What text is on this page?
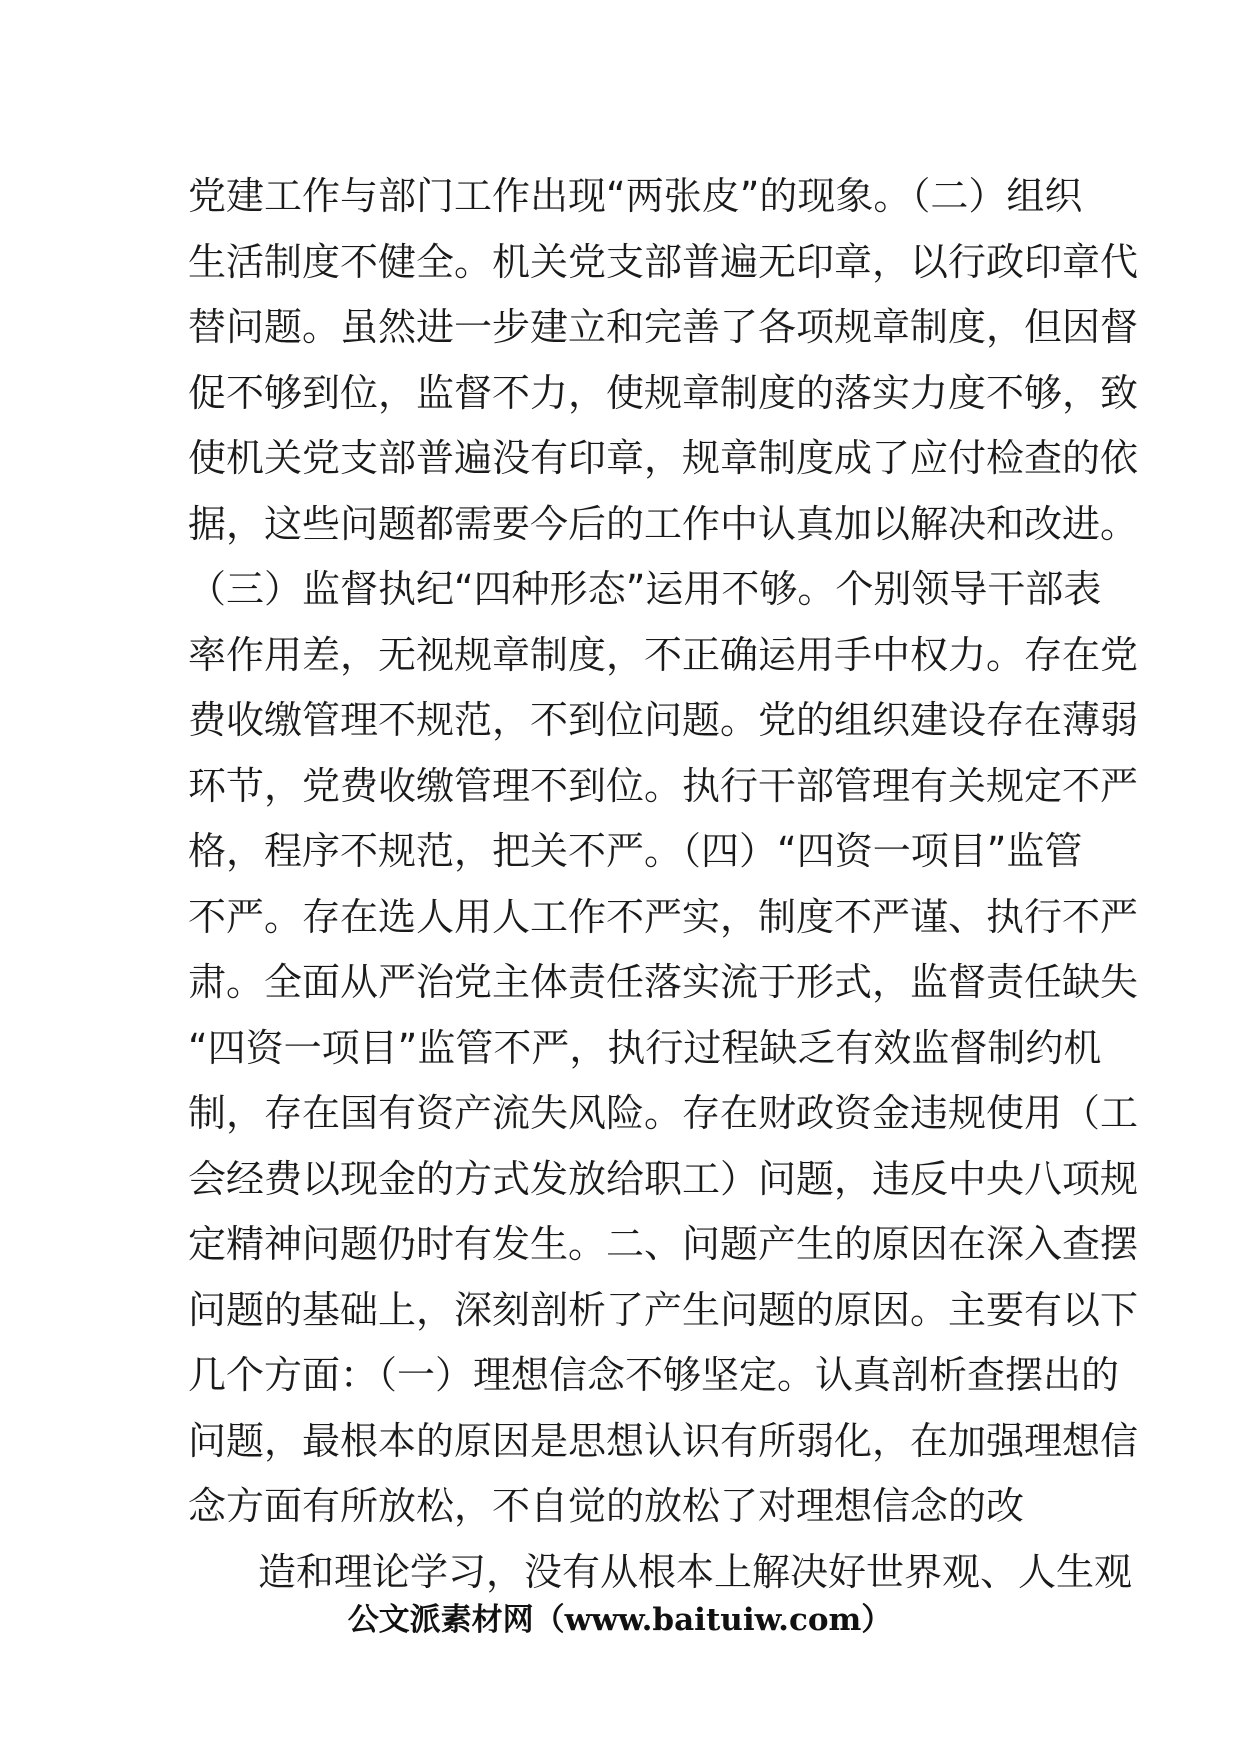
党建工作与部门工作出现“两张皮”的现象。（二）组织
生活制度不健全。机关党支部普遍无印章，以行政印章代
替问题。虽然进一步建立和完善了各项规章制度，但因督
促不够到位，监督不力，使规章制度的落实力度不够，致
使机关党支部普遍没有印章，规章制度成了应付检查的依
据，这些问题都需要今后的工作中认真加以解决和改进。
（三）监督执纪“四种形态”运用不够。个别领导干部表
率作用差，无视规章制度，不正确运用手中权力。存在党
费收缴管理不规范，不到位问题。党的组织建设存在薄弱
环节，党费收缴管理不到位。执行干部管理有关规定不严
格，程序不规范，把关不严。（四）“四资一项目”监管
不严。存在选人用人工作不严实，制度不严谨、执行不严
肃。全面从严治党主体责任落实流于形式，监督责任缺失
“四资一项目”监管不严，执行过程缺乏有效监督制约机
制，存在国有资产流失风险。存在财政资金违规使用（工
会经费以现金的方式发放给职工）问题，违反中央八项规
定精神问题仍时有发生。二、问题产生的原因在深入查摆
问题的基础上，深刻剖析了产生问题的原因。主要有以下
几个方面：（一）理想信念不够坚定。认真剖析查摆出的
问题，最根本的原因是思想认识有所弱化，在加强理想信
念方面有所放松，不自觉的放松了对理想信念的改
造和理论学习，没有从根本上解决好世界观、人生观
公文派素材网（www.baituiw.com）
